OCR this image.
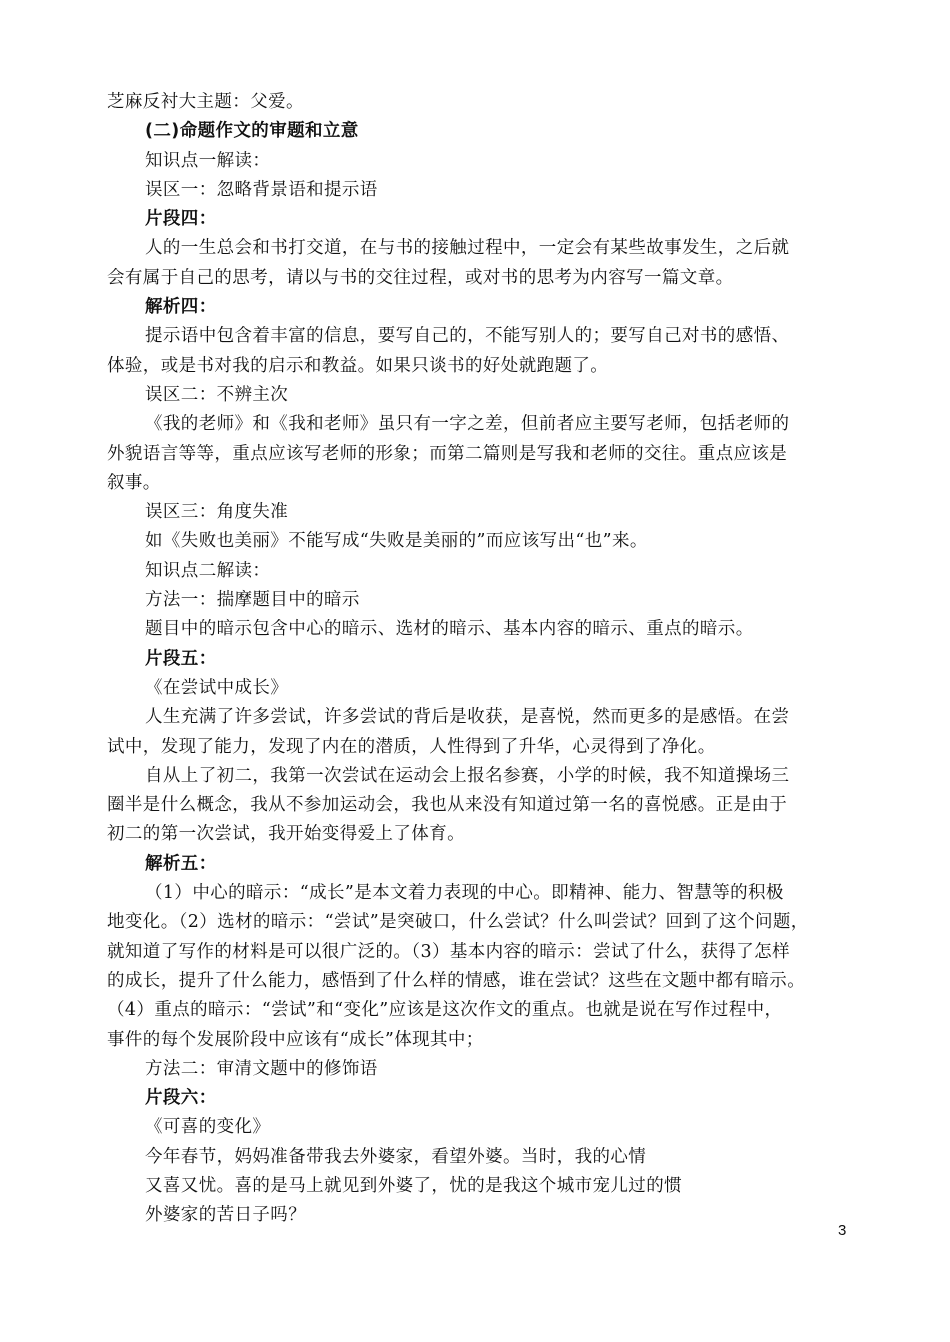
芝麻反衬大主题：父爱。
(二)命题作文的审题和立意
知识点一解读：
误区一：忽略背景语和提示语
片段四：
人的一生总会和书打交道，在与书的接触过程中，一定会有某些故事发生，之后就
会有属于自己的思考，请以与书的交往过程，或对书的思考为内容写一篇文章。
解析四：
提示语中包含着丰富的信息，要写自己的，不能写别人的；要写自己对书的感悟、
体验，或是书对我的启示和教益。如果只谈书的好处就跑题了。
误区二：不辨主次
《我的老师》和《我和老师》虽只有一字之差，但前者应主要写老师，包括老师的
外貌语言等等，重点应该写老师的形象；而第二篇则是写我和老师的交往。重点应该是
叙事。
误区三：角度失准
如《失败也美丽》不能写成“失败是美丽的”而应该写出“也”来。
知识点二解读：
方法一：揣摩题目中的暗示
题目中的暗示包含中心的暗示、选材的暗示、基本内容的暗示、重点的暗示。
片段五：
《在尝试中成长》
人生充满了许多尝试，许多尝试的背后是收获，是喜悦，然而更多的是感悟。在尝
试中，发现了能力，发现了内在的潜质，人性得到了升华，心灵得到了净化。
自从上了初二，我第一次尝试在运动会上报名参赛，小学的时候，我不知道操场三
圈半是什么概念，我从不参加运动会，我也从来没有知道过第一名的喜悦感。正是由于
初二的第一次尝试，我开始变得爱上了体育。
解析五：
（1）中心的暗示：“成长”是本文着力表现的中心。即精神、能力、智慧等的积极
地变化。（2）选材的暗示：“尝试”是突破口，什么尝试？什么叫尝试？回到了这个问题，
就知道了写作的材料是可以很广泛的。（3）基本内容的暗示：尝试了什么，获得了怎样
的成长，提升了什么能力，感悟到了什么样的情感，谁在尝试？这些在文题中都有暗示。
（4）重点的暗示：“尝试”和“变化”应该是这次作文的重点。也就是说在写作过程中，
事件的每个发展阶段中应该有“成长”体现其中；
方法二：审清文题中的修饰语
片段六：
《可喜的变化》
今年春节，妈妈准备带我去外婆家，看望外婆。当时，我的心情
又喜又忧。喜的是马上就见到外婆了，忧的是我这个城市宠儿过的惯
外婆家的苦日子吗？
3
